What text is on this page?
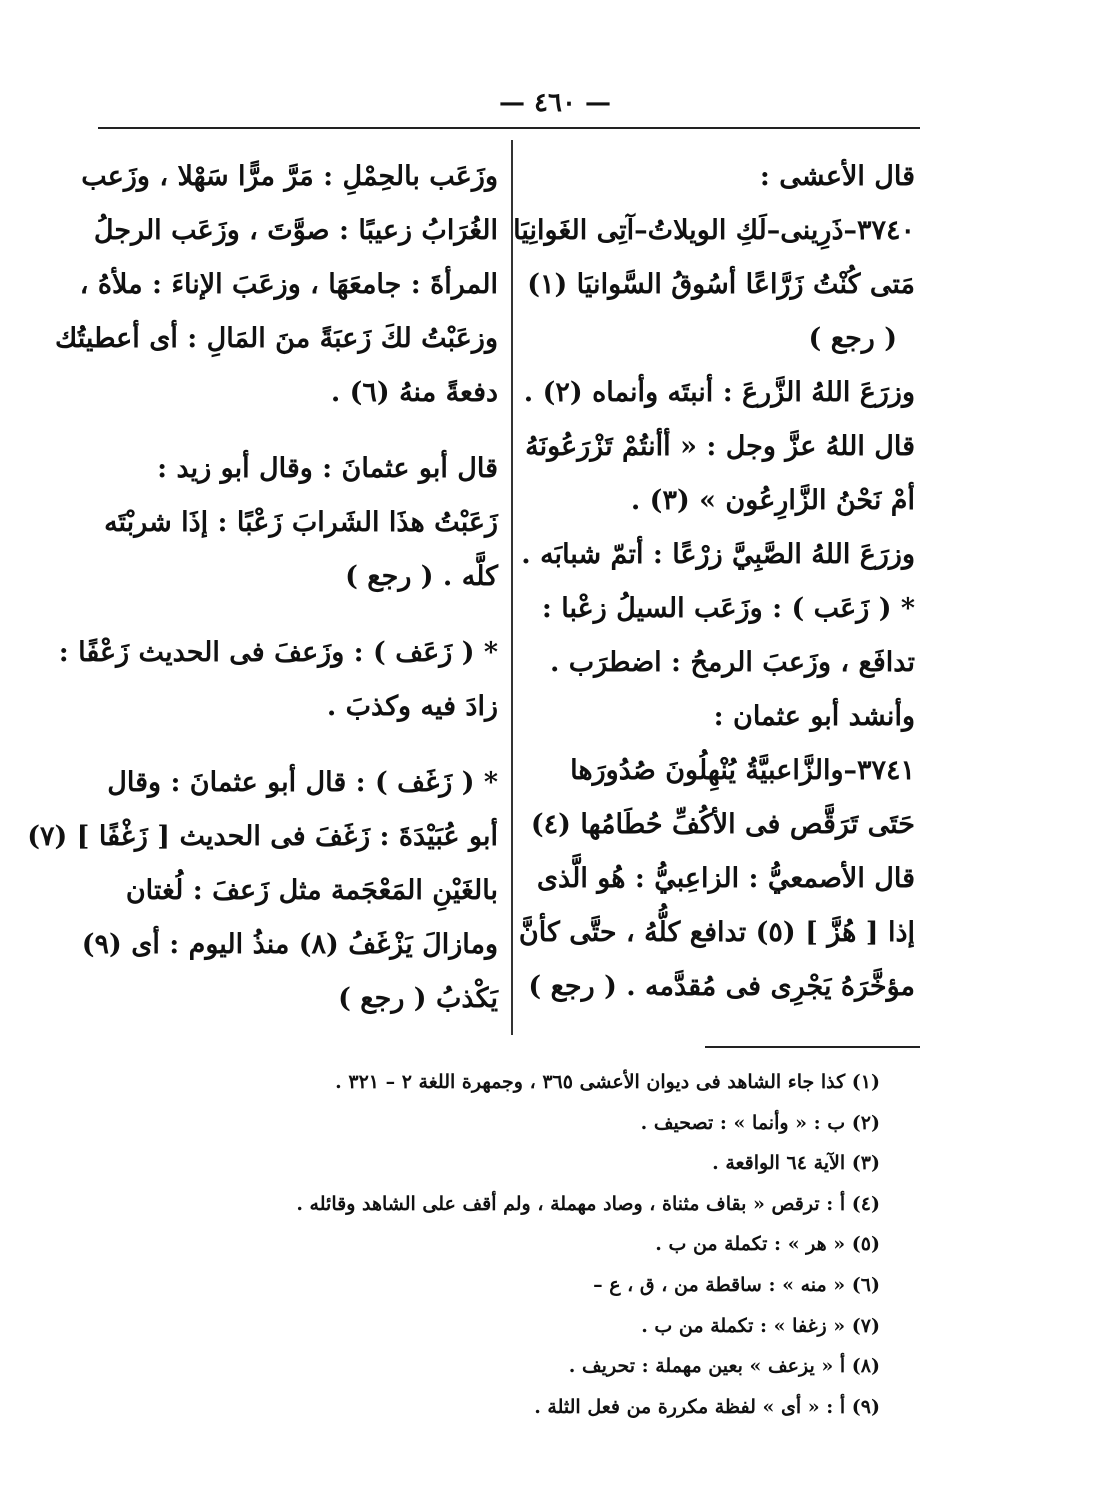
— ٤٦٠ —
قال الأعشى :
٣٧٤٠–ذَرِينى–لَكِ الويلاتُ–آتِى الغَوانِيَا
مَتى كُنْتُ زَرَّاعًا أسُوقُ السَّوانيَا (١)
( رجع )
وزرَعَ اللهُ الزَّرعَ : أنبتَه وأنماه (٢) .
قال اللهُ عزَّ وجل : « أأنتُمْ تَزْرَعُونَهُ
أمْ نَحْنُ الزَّارِعُون » (٣) .
وزرَعَ اللهُ الصَّبِيَّ زرْعًا : أتمّ شبابَه .
* ( زَعَب ) : وزَعَب السيلُ زعْبا :
تدافَع ، وزَعبَ الرمحُ : اضطرَب .
وأنشد أبو عثمان :
٣٧٤١–والزَّاعبيَّةُ يُنْهِلُونَ صُدُورَها
حَتَى تَرَقَّص فى الأكُفِّ حُطَامُها (٤)
قال الأصمعيُّ : الزاعِبيُّ : هُو الَّذى
إذا [ هُزَّ ] (٥) تدافع كلُّهُ ، حتَّى كأنَّ
مؤخَّرَهُ يَجْرِى فى مُقدَّمه . ( رجع )
وزَعَب بالحِمْلِ : مَرَّ مرًّا سَهْلا ، وزَعب
الغُرَابُ زعيبًا : صوَّتَ ، وزَعَب الرجلُ
المرأةَ : جامعَهَا ، وزعَبَ الإناءَ : ملأهُ ،
وزعَبْتُ لكَ زَعبَةً منَ المَالِ : أى أعطيتُك
دفعةً منهُ (٦) .
قال أبو عثمانَ : وقال أبو زيد :
زَعَبْتُ هذَا الشَرابَ زَعْبًا : إذَا شربْتَه
كلَّه . ( رجع )
* ( زَعَف ) : وزَعفَ فى الحديث زَعْفًا :
زادَ فيه وكذبَ .
* ( زَغَف ) : قال أبو عثمانَ : وقال
أبو عُبَيْدَةَ : زَغَفَ فى الحديث [ زَغْفًا ] (٧)
بالغَيْنِ المَعْجَمة مثل زَعفَ : لُغتان
ومازالَ يَزْغَفُ (٨) منذُ اليوم : أى (٩)
يَكْذبُ ( رجع )
(١) كذا جاء الشاهد فى ديوان الأعشى ٣٦٥ ، وجمهرة اللغة ٢ – ٣٢١ .
(٢) ب : « وأنما » : تصحيف .
(٣) الآية ٦٤ الواقعة .
(٤) أ : ترقص « بقاف مثناة ، وصاد مهملة ، ولم أقف على الشاهد وقائله .
(٥) « هر » : تكملة من ب .
(٦) « منه » : ساقطة من ، ق ، ع –
(٧) « زغفا » : تكملة من ب .
(٨) أ « يزعف » بعين مهملة : تحريف .
(٩) أ : « أى » لفظة مكررة من فعل الثلة .
